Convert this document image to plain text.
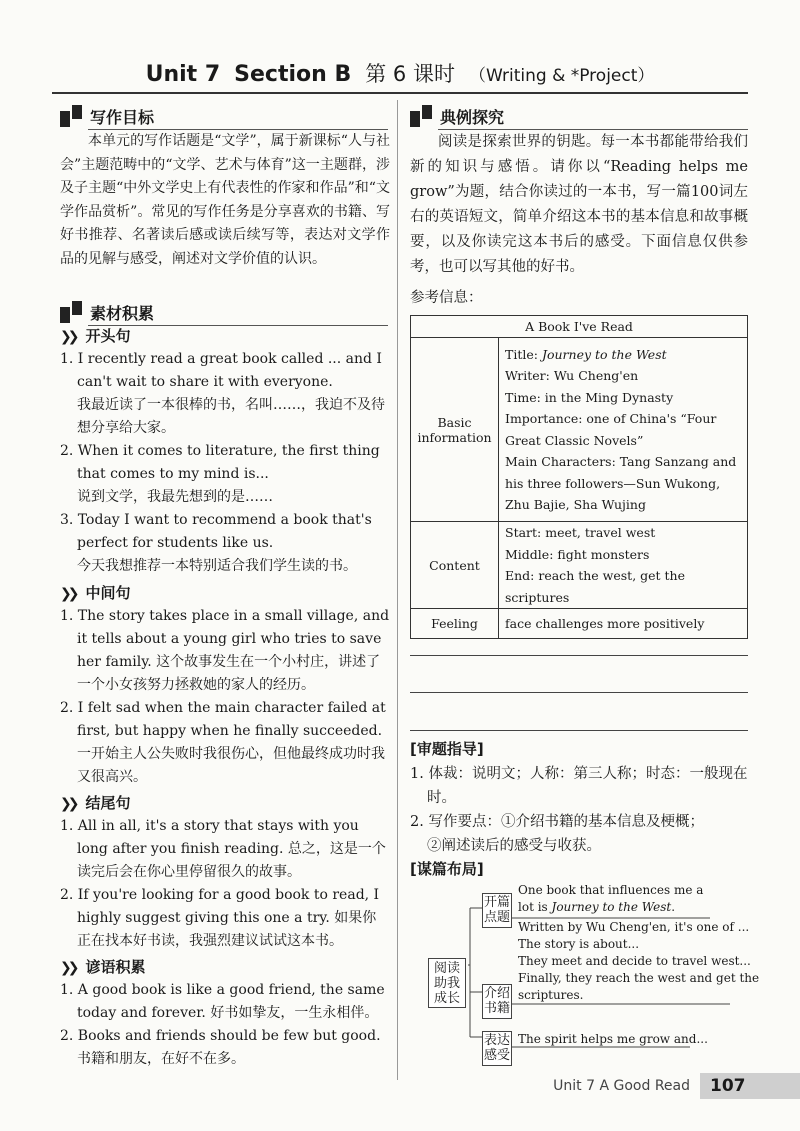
Unit 7 Section B 第 6 课时 （Writing & *Project）
写作目标
本单元的写作话题是“文学”，属于新课标“人与社会”主题范畴中的“文学、艺术与体育”这一主题群，涉及子主题“中外文学史上有代表性的作家和作品”和“文学作品赏析”。常见的写作任务是分享喜欢的书籍、写好书推荐、名著读后感或读后续写等，表达对文学作品的见解与感受，阐述对文学价值的认识。
素材积累
❯❯ 开头句
1. I recently read a great book called ... and I can't wait to share it with everyone.
我最近读了一本很棒的书，名叫……，我迫不及待想分享给大家。
2. When it comes to literature, the first thing that comes to my mind is...
说到文学，我最先想到的是……
3. Today I want to recommend a book that's perfect for students like us.
今天我想推荐一本特别适合我们学生读的书。
❯❯ 中间句
1. The story takes place in a small village, and it tells about a young girl who tries to save her family. 这个故事发生在一个小村庄，讲述了一个小女孩努力拯救她的家人的经历。
2. I felt sad when the main character failed at first, but happy when he finally succeeded.
一开始主人公失败时我很伤心，但他最终成功时我又很高兴。
❯❯ 结尾句
1. All in all, it's a story that stays with you long after you finish reading. 总之，这是一个读完后会在你心里停留很久的故事。
2. If you're looking for a good book to read, I highly suggest giving this one a try. 如果你正在找本好书读，我强烈建议试试这本书。
❯❯ 谚语积累
1. A good book is like a good friend, the same today and forever. 好书如挚友，一生永相伴。
2. Books and friends should be few but good.
书籍和朋友，在好不在多。
典例探究
阅读是探索世界的钥匙。每一本书都能带给我们新的知识与感悟。请你以“Reading helps me grow”为题，结合你读过的一本书，写一篇100词左右的英语短文，简单介绍这本书的基本信息和故事概要，以及你读完这本书后的感受。下面信息仅供参考，也可以写其他的好书。
参考信息：
A Book I've Read	
Basic information	Title: Journey to the West
Writer: Wu Cheng'en
Time: in the Ming Dynasty
Importance: one of China's “Four Great Classic Novels”
Main Characters: Tang Sanzang and his three followers—Sun Wukong, Zhu Bajie, Sha Wujing

Content	Start: meet, travel west
Middle: fight monsters
End: reach the west, get the scriptures

Feeling	face challenges more positively
[审题指导]
1. 体裁：说明文；人称：第三人称；时态：一般现在时。
2. 写作要点：①介绍书籍的基本信息及梗概；
②阐述读后的感受与收获。
[谋篇布局]
阅读助我成长
开篇点题
介绍书籍
表达感受
One book that influences me a
lot is Journey to the West.
Written by Wu Cheng'en, it's one of ...
The story is about...
They meet and decide to travel west...
Finally, they reach the west and get the
scriptures.
The spirit helps me grow and...
Unit 7 A Good Read	107
